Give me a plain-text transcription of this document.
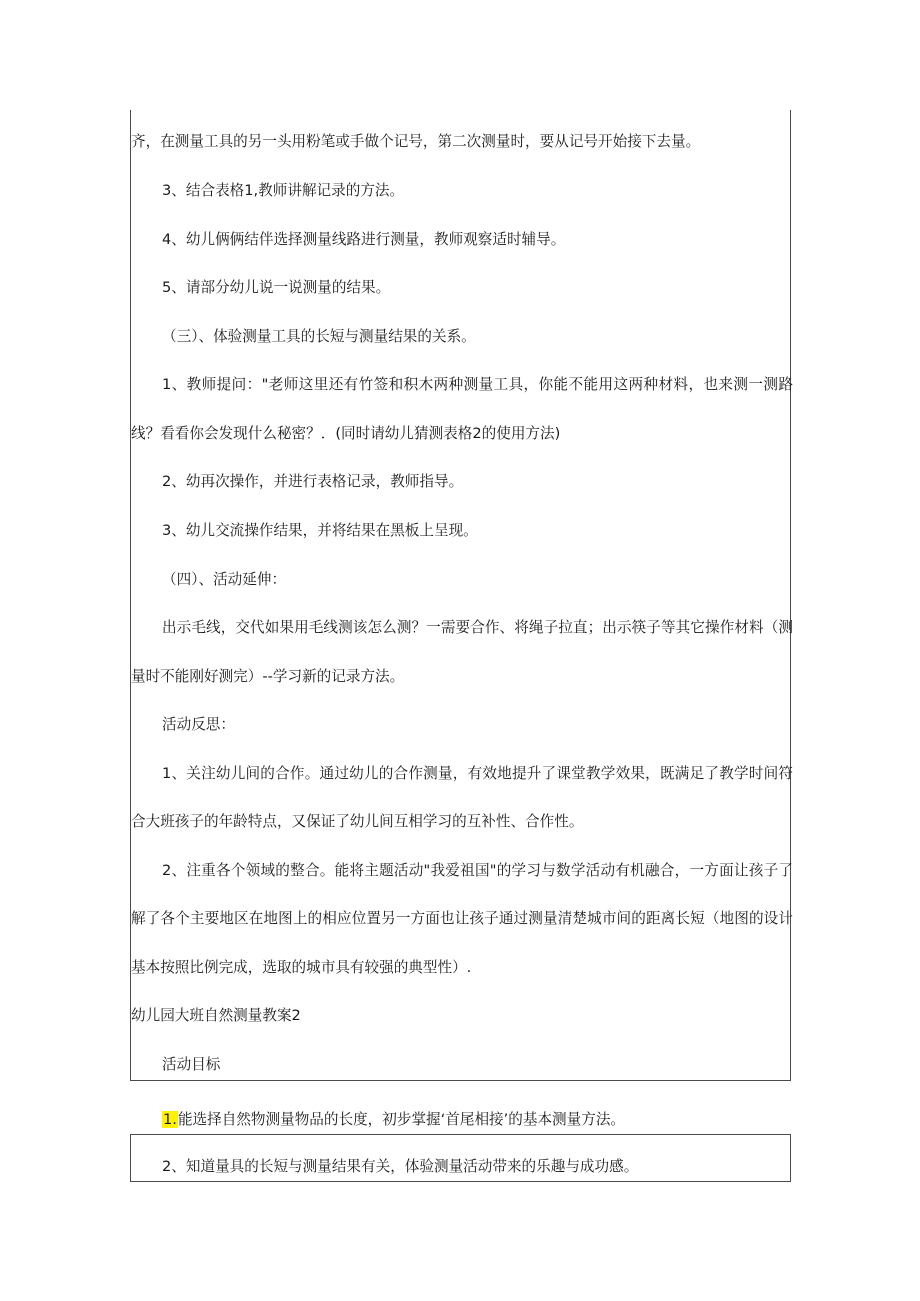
齐，在测量工具的另一头用粉笔或手做个记号，第二次测量时，要从记号开始接下去量。

3、结合表格1,教师讲解记录的方法。

4、幼儿俩俩结伴选择测量线路进行测量，教师观察适时辅导。

5、请部分幼儿说一说测量的结果。

（三）、体验测量工具的长短与测量结果的关系。

1、教师提问："老师这里还有竹签和积木两种测量工具，你能不能用这两种材料，也来测一测路

线？看看你会发现什么秘密？．(同时请幼儿猜测表格2的使用方法)

2、幼再次操作，并进行表格记录，教师指导。

3、幼儿交流操作结果，并将结果在黑板上呈现。

（四）、活动延伸：

出示毛线，交代如果用毛线测该怎么测？一需要合作、将绳子拉直；出示筷子等其它操作材料（测

量时不能刚好测完）--学习新的记录方法。

活动反思：

1、关注幼儿间的合作。通过幼儿的合作测量，有效地提升了课堂教学效果，既满足了教学时间符

合大班孩子的年龄特点，又保证了幼儿间互相学习的互补性、合作性。

2、注重各个领域的整合。能将主题活动"我爱祖国"的学习与数学活动有机融合，一方面让孩子了

解了各个主要地区在地图上的相应位置另一方面也让孩子通过测量清楚城市间的距离长短（地图的设计

基本按照比例完成，选取的城市具有较强的典型性）.

幼儿园大班自然测量教案2

活动目标

1.能选择自然物测量物品的长度，初步掌握‘首尾相接’的基本测量方法。

2、知道量具的长短与测量结果有关，体验测量活动带来的乐趣与成功感。
